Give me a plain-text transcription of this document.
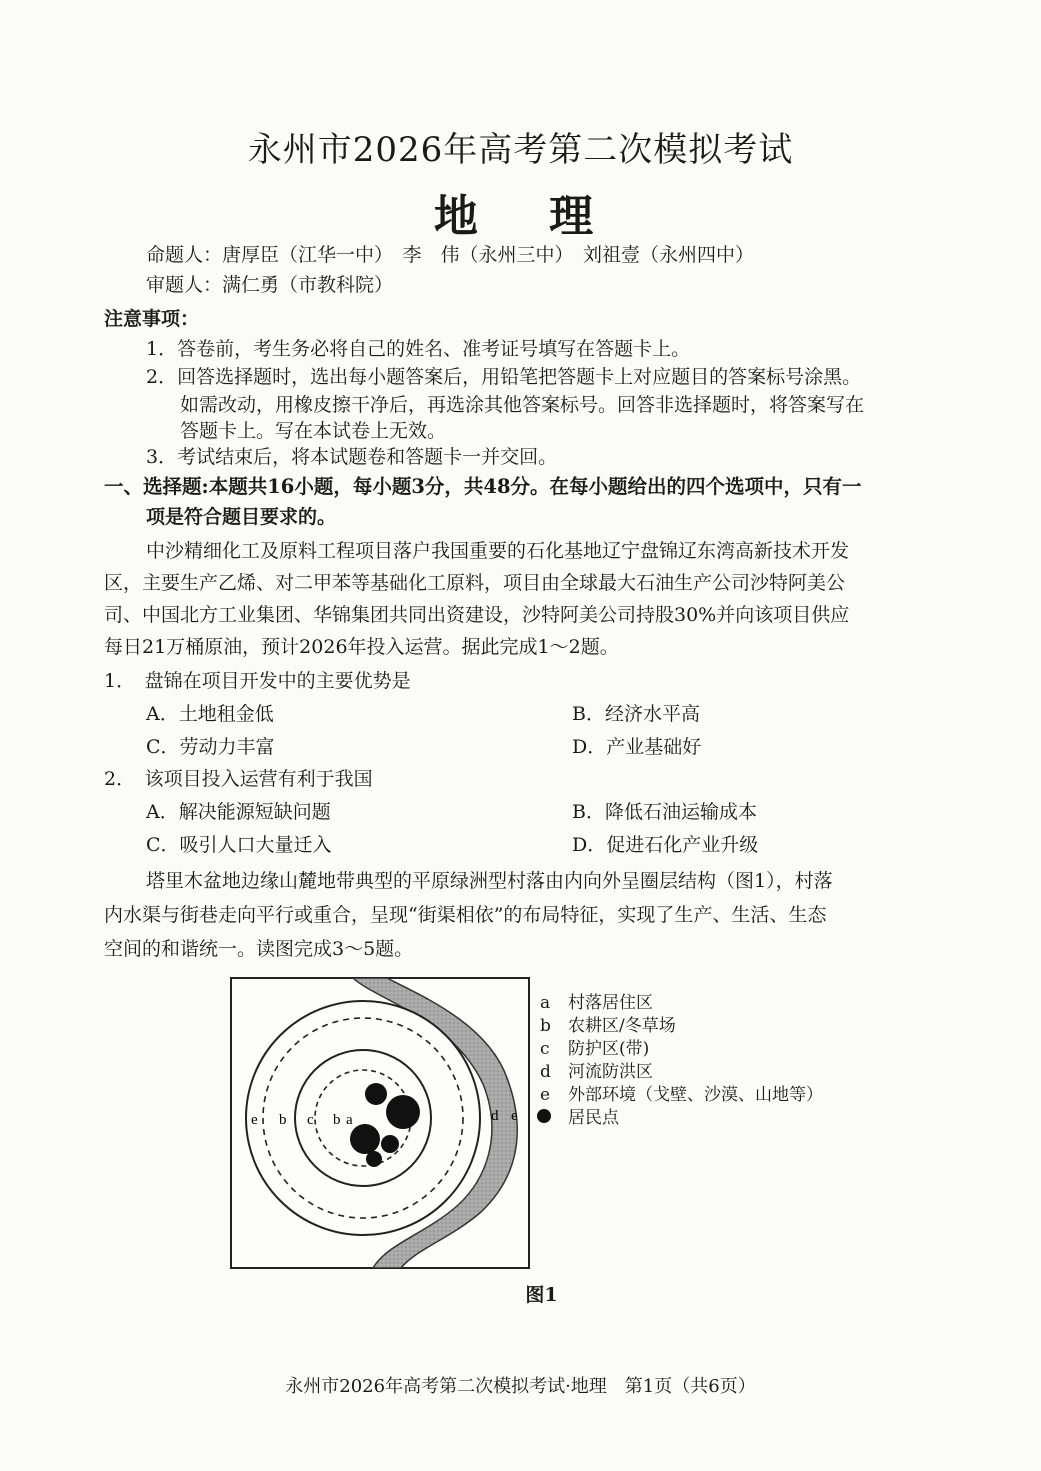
永州市2026年高考第二次模拟考试
地 理
命题人：唐厚臣（江华一中）　李　伟（永州三中）　刘祖壹（永州四中）
审题人：满仁勇（市教科院）
注意事项：
1．答卷前，考生务必将自己的姓名、准考证号填写在答题卡上。
2．回答选择题时，选出每小题答案后，用铅笔把答题卡上对应题目的答案标号涂黑。
如需改动，用橡皮擦干净后，再选涂其他答案标号。回答非选择题时，将答案写在
答题卡上。写在本试卷上无效。
3．考试结束后，将本试题卷和答题卡一并交回。
一、选择题:本题共16小题，每小题3分，共48分。在每小题给出的四个选项中，只有一
项是符合题目要求的。
中沙精细化工及原料工程项目落户我国重要的石化基地辽宁盘锦辽东湾高新技术开发
区，主要生产乙烯、对二甲苯等基础化工原料，项目由全球最大石油生产公司沙特阿美公
司、中国北方工业集团、华锦集团共同出资建设，沙特阿美公司持股30%并向该项目供应
每日21万桶原油，预计2026年投入运营。据此完成1～2题。
1．　盘锦在项目开发中的主要优势是
A．土地租金低	B．经济水平高
C．劳动力丰富	D．产业基础好
2．　该项目投入运营有利于我国
A．解决能源短缺问题	B．降低石油运输成本
C．吸引人口大量迁入	D．促进石化产业升级
塔里木盆地边缘山麓地带典型的平原绿洲型村落由内向外呈圈层结构（图1），村落
内水渠与街巷走向平行或重合，呈现“街渠相依”的布局特征，实现了生产、生活、生态
空间的和谐统一。读图完成3～5题。
e b c b a	d e
a 村落居住区
b 农耕区/冬草场
c 防护区(带)
d 河流防洪区
e 外部环境（戈壁、沙漠、山地等）
居民点
图1
永州市2026年高考第二次模拟考试·地理　第1页（共6页）
